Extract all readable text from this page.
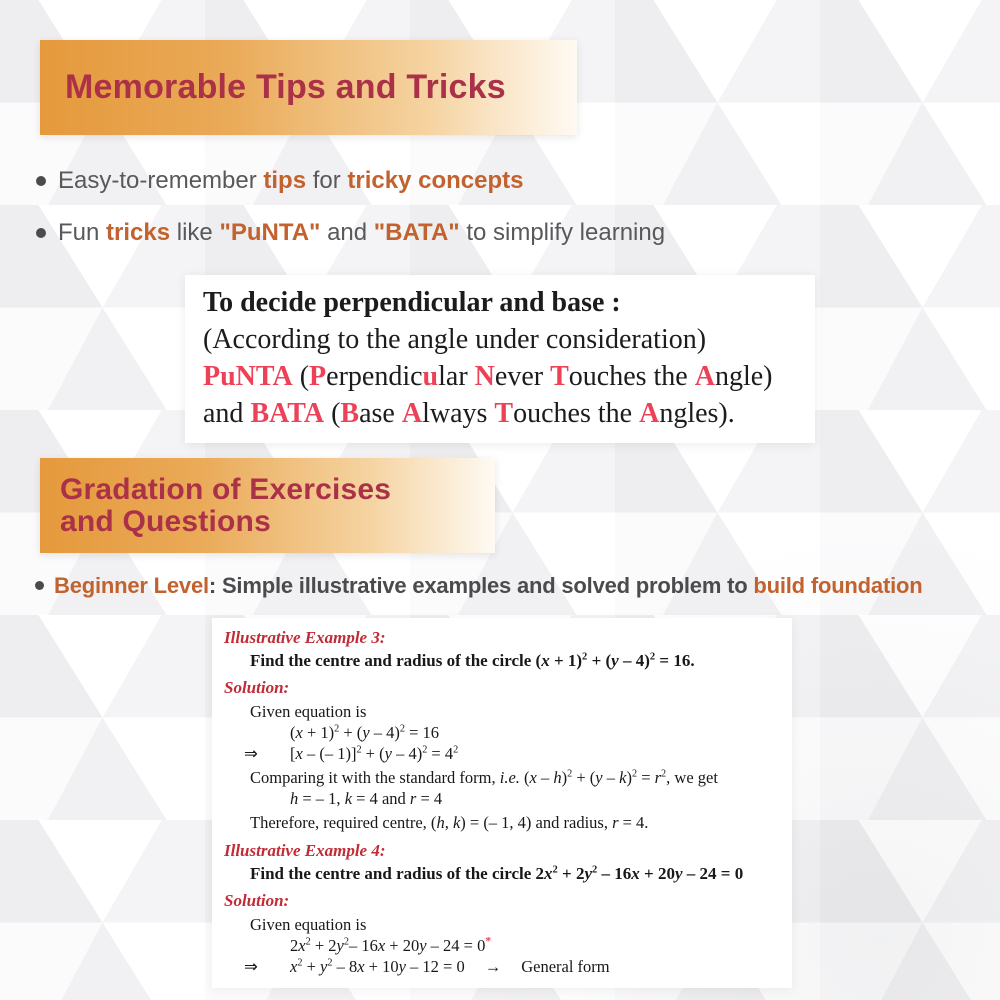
Memorable Tips and Tricks
Easy-to-remember tips for tricky concepts
Fun tricks like "PuNTA" and "BATA" to simplify learning
To decide perpendicular and base :
(According to the angle under consideration)
PuNTA (Perpendicular Never Touches the Angle)
and BATA (Base Always Touches the Angles).
Gradation of Exercises
and Questions
Beginner Level: Simple illustrative examples and solved problem to build foundation
Illustrative Example 3:
Find the centre and radius of the circle $(x + 1)^2 + (y - 4)^2 = 16$.
Solution:
Given equation is
$(x + 1)^2 + (y - 4)^2 = 16$
⇒ [x – (– $1)]^2 + (y - 4)^2 = 4^2$
Comparing it with the standard form, i.e. $(x - h)^2 + (y - k)^2 = r^2$, we get
h = – 1, k = 4 and r = 4
Therefore, required centre, (h, k) = (– 1, 4) and radius, r = 4.
Illustrative Example 4:
Find the centre and radius of the circle $2x^2 + 2y^2 - 16x + 20y - 24 = 0$
Solution:
Given equation is
$2x^2 + 2y^2-$ 16x + 20y – 24 = 0*
⇒ $x^2 + y^2 - 8x + 10y - 12 = 0$ → General form
